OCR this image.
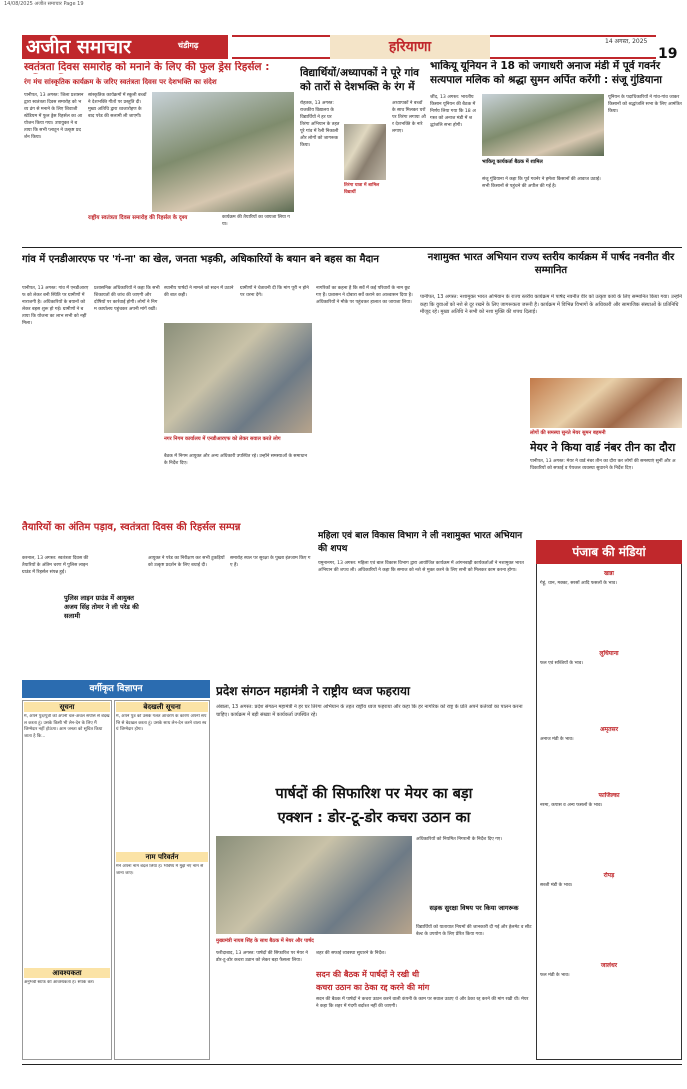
14/08/2025 अजीत समाचार Page 19
अजीत समाचार	चंडीगढ़	हरियाणा	14 अगस्त, 2025
19
स्वतंत्रता दिवस समारोह को मनाने के लिए की फुल ड्रेस रिहर्सल :
रंग मंच सांस्कृतिक कार्यक्रम के जरिए स्वतंत्रता दिवस पर देशभक्ति का संदेश
पानीपत, 13 अगस्त: जिला प्रशासन द्वारा स्वतंत्रता दिवस समारोह को भव्य ढंग से मनाने के लिए शिवाजी स्टेडियम में फुल ड्रेस रिहर्सल का आयोजन किया गया। उपायुक्त ने बताया कि सभी प्लाटून ने उत्कृष्ट प्रदर्शन किया।
सांस्कृतिक कार्यक्रमों में स्कूली बच्चों ने देशभक्ति गीतों पर प्रस्तुति दी। मुख्य अतिथि द्वारा ध्वजारोहण के बाद परेड की सलामी ली जाएगी।
राष्ट्रीय स्वतंत्रता दिवस समारोह की रिहर्सल के दृश्य	कार्यक्रम की तैयारियों का जायजा लिया गया।
विद्यार्थियों/अध्यापकों ने पूरे गांव को तारों से देशभक्ति के रंग में
रोहतक, 13 अगस्त: राजकीय विद्यालय के विद्यार्थियों ने हर घर तिरंगा अभियान के तहत पूरे गांव में रैली निकाली और लोगों को जागरूक किया।
तिरंगा यात्रा में शामिल विद्यार्थी
अध्यापकों ने बच्चों के साथ मिलकर घरों पर तिरंगा लगाया और देशभक्ति के नारे लगाए।
भाकियू यूनियन ने 18 को जगाधरी अनाज मंडी में पूर्व गवर्नर
सत्यपाल मलिक को श्रद्धा सुमन अर्पित करेंगी : संजू गुंडियाना
जींद, 13 अगस्त: भारतीय किसान यूनियन की बैठक में निर्णय लिया गया कि 18 अगस्त को अनाज मंडी में श्रद्धांजलि सभा होगी।
भाकियू कार्यकर्ता बैठक में शामिल
संजू गुंडियाना ने कहा कि पूर्व गवर्नर ने हमेशा किसानों की आवाज उठाई। सभी किसानों से पहुंचने की अपील की गई है।
यूनियन के पदाधिकारियों ने गांव-गांव जाकर किसानों को श्रद्धांजलि सभा के लिए आमंत्रित किया।
गांव में एनडीआरएफ पर 'गं-ना' का खेल, जनता भड़की, अधिकारियों के बयान बने बहस का मैदान
पानीपत, 13 अगस्त: गांव में एनडीआरएफ को लेकर बनी स्थिति पर ग्रामीणों में नाराजगी है। अधिकारियों के बयानों को लेकर बहस शुरू हो गई। ग्रामीणों ने बताया कि योजना का लाभ सभी को नहीं मिला।
प्रशासनिक अधिकारियों ने कहा कि सभी शिकायतों की जांच की जाएगी और दोषियों पर कार्रवाई होगी। लोगों ने निगम कार्यालय पहुंचकर अपनी मांगें रखीं।
स्थानीय पार्षदों ने मामले को सदन में उठाने की बात कही।
ग्रामीणों ने चेतावनी दी कि मांग पूरी न होने पर धरना देंगे।
नागरिकों का कहना है कि सर्वे में कई परिवारों के नाम छूट गए हैं। प्रशासन ने दोबारा सर्वे कराने का आश्वासन दिया है। अधिकारियों ने मौके पर पहुंचकर हालात का जायजा लिया।
नगर निगम कार्यालय में एनडीआरएफ को लेकर सवाल करते लोग
बैठक में निगम आयुक्त और अन्य अधिकारी उपस्थित रहे। उन्होंने समस्याओं के समाधान के निर्देश दिए।
नशामुक्त भारत अभियान राज्य स्तरीय कार्यक्रम में पार्षद नवनीत वीर सम्मानित
पानीपत, 13 अगस्त: नशामुक्त भारत अभियान के राज्य स्तरीय कार्यक्रम में पार्षद नवनीत वीर को उत्कृष्ट कार्य के लिए सम्मानित किया गया। उन्होंने कहा कि युवाओं को नशे से दूर रखने के लिए जागरूकता जरूरी है। कार्यक्रम में विभिन्न विभागों के अधिकारी और सामाजिक संस्थाओं के प्रतिनिधि मौजूद रहे। मुख्य अतिथि ने सभी को नशा मुक्ति की शपथ दिलाई।
लोगों की समस्या सुनते मेयर सुमन बहमनी
मेयर ने किया वार्ड नंबर तीन का दौरा
पानीपत, 13 अगस्त: मेयर ने वार्ड नंबर तीन का दौरा कर लोगों की समस्याएं सुनीं और अधिकारियों को सफाई व पेयजल व्यवस्था सुधारने के निर्देश दिए।
तैयारियों का अंतिम पड़ाव, स्वतंत्रता दिवस की रिहर्सल सम्पन्न
करनाल, 13 अगस्त: स्वतंत्रता दिवस की तैयारियों के अंतिम चरण में पुलिस लाइन ग्राउंड में रिहर्सल संपन्न हुई।
पुलिस लाइन ग्राउंड में आयुक्त अजय सिंह तोमर ने ली परेड की सलामी
आयुक्त ने परेड का निरीक्षण कर सभी टुकड़ियों को उत्कृष्ट प्रदर्शन के लिए बधाई दी।
समारोह स्थल पर सुरक्षा के पुख्ता इंतजाम किए गए हैं।
महिला एवं बाल विकास विभाग ने ली नशामुक्त भारत अभियान की शपथ
यमुनानगर, 13 अगस्त: महिला एवं बाल विकास विभाग द्वारा आयोजित कार्यक्रम में आंगनबाड़ी कार्यकर्ताओं ने नशामुक्त भारत अभियान की शपथ ली। अधिकारियों ने कहा कि समाज को नशे से मुक्त करने के लिए सभी को मिलकर काम करना होगा।
पंजाब की मंडियां
खन्ना
गेहूं, धान, मक्का, सरसों आदि फसलों के भाव।
लुधियाना
फल एवं सब्जियों के भाव।
अमृतसर
अनाज मंडी के भाव।
फाजिल्का
नरमा, कपास व अन्य फसलों के भाव।
रोपड़
सब्जी मंडी के भाव।
जालंधर
फल मंडी के भाव।
वर्गीकृत विज्ञापन
सूचना
मैं, अपने पुत्र/पुत्री को अपनी चल-अचल संपत्ति से बेदखल करता हूं। उसके किसी भी लेन-देन के लिए मैं जिम्मेदार नहीं होऊंगा। आम जनता को सूचित किया जाता है कि...
आवश्यकता
अनुभवी स्टाफ की आवश्यकता है। संपर्क करें।
बेदखली सूचना
मैं, अपने पुत्र को उसके गलत आचरण के कारण अपनी संपत्ति से बेदखल करता हूं। उसके साथ लेन-देन करने वाला स्वयं जिम्मेदार होगा।
नाम परिवर्तन
मैंने अपना नाम बदल लिया है। भविष्य में मुझे नए नाम से जाना जाए।
प्रदेश संगठन महामंत्री ने राष्ट्रीय ध्वज फहराया
अंबाला, 13 अगस्त: प्रदेश संगठन महामंत्री ने हर घर तिरंगा अभियान के तहत राष्ट्रीय ध्वज फहराया और कहा कि हर नागरिक को राष्ट्र के प्रति अपने कर्तव्यों का पालन करना चाहिए। कार्यक्रम में बड़ी संख्या में कार्यकर्ता उपस्थित रहे।
पार्षदों की सिफारिश पर मेयर का बड़ा
एक्शन : डोर-टू-डोर कचरा उठान का
मुख्यमंत्री नायब सिंह के साथ बैठक में मेयर और पार्षद
फरीदाबाद, 13 अगस्त: पार्षदों की सिफारिश पर मेयर ने डोर-टू-डोर कचरा उठान को लेकर बड़ा फैसला लिया।
शहर की सफाई व्यवस्था सुधारने के निर्देश।
सदन की बैठक में पार्षदों ने रखी थी कचरा उठान का ठेका रद्द करने की मांग
सदन की बैठक में पार्षदों ने कचरा उठान करने वाली कंपनी के काम पर सवाल उठाए थे और ठेका रद्द करने की मांग रखी थी। मेयर ने कहा कि शहर में गंदगी बर्दाश्त नहीं की जाएगी।
अधिकारियों को नियमित निगरानी के निर्देश दिए गए।
सड़क सुरक्षा विषय पर किया जागरूक
विद्यार्थियों को यातायात नियमों की जानकारी दी गई और हेलमेट व सीट बेल्ट के उपयोग के लिए प्रेरित किया गया।
